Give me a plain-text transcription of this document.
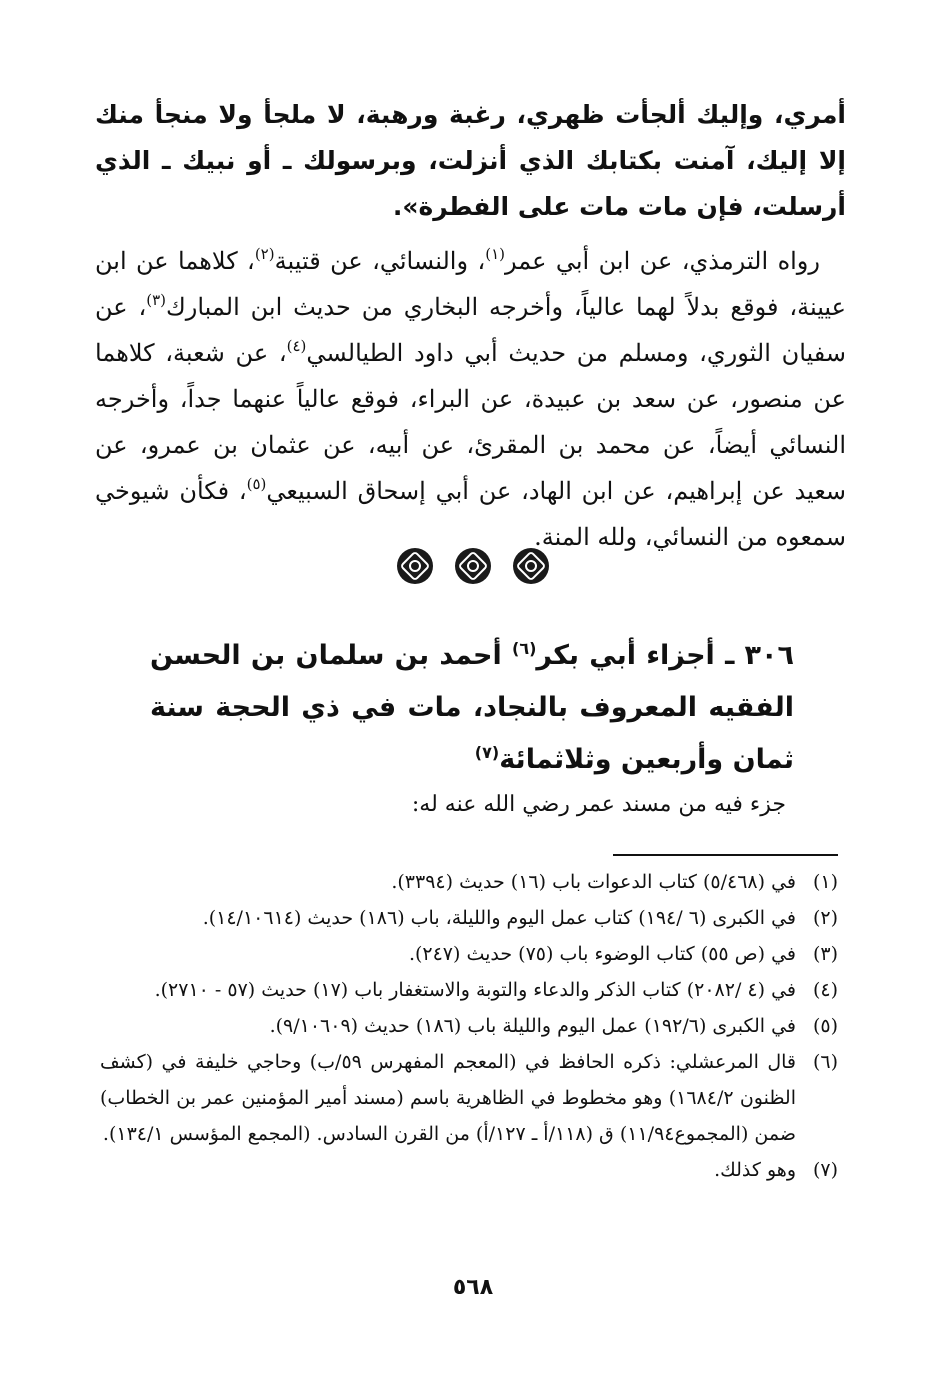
أمري، وإليك ألجأت ظهري، رغبة ورهبة، لا ملجأ ولا منجأ منك إلا إليك، آمنت بكتابك الذي أنزلت، وبرسولك ـ أو نبيك ـ الذي أرسلت، فإن مات مات على الفطرة».

رواه الترمذي، عن ابن أبي عمر$^{(١)}$، والنسائي، عن قتيبة$^{(٢)}$، كلاهما عن ابن عيينة، فوقع بدلاً لهما عالياً، وأخرجه البخاري من حديث ابن المبارك$^{(٣)}$، عن سفيان الثوري، ومسلم من حديث أبي داود الطيالسي$^{(٤)}$، عن شعبة، كلاهما عن منصور، عن سعد بن عبيدة، عن البراء، فوقع عالياً عنهما جداً، وأخرجه النسائي أيضاً، عن محمد بن المقرئ، عن أبيه، عن عثمان بن عمرو، عن سعيد عن إبراهيم، عن ابن الهاد، عن أبي إسحاق السبيعي$^{(٥)}$، فكأن شيوخي سمعوه من النسائي، ولله المنة.

٣٠٦ ـ أجزاء أبي بكر$^{(٦)}$ أحمد بن سلمان بن الحسن الفقيه المعروف بالنجاد، مات في ذي الحجة سنة ثمان وأربعين وثلاثمائة$^{(٧)}$

جزء فيه من مسند عمر رضي الله عنه له:

(١)
في (٥/٤٦٨) كتاب الدعوات باب (١٦) حديث (٣٣٩٤).
(٢)
في الكبرى (٦ /١٩٤) كتاب عمل اليوم والليلة، باب (١٨٦) حديث (١٤/١٠٦١٤).
(٣)
في (ص ٥٥) كتاب الوضوء باب (٧٥) حديث (٢٤٧).
(٤)
في (٤ /٢٠٨٢) كتاب الذكر والدعاء والتوبة والاستغفار باب (١٧) حديث (٥٧ - ٢٧١٠).
(٥)
في الكبرى (١٩٢/٦) عمل اليوم والليلة باب (١٨٦) حديث (٩/١٠٦٠٩).
(٦)
قال المرعشلي: ذكره الحافظ في (المعجم المفهرس ٥٩/ب) وحاجي خليفة في (كشف الظنون ١٦٨٤/٢) وهو مخطوط في الظاهرية باسم (مسند أمير المؤمنين عمر بن الخطاب) ضمن (المجموع١١/٩٤) ق (١١٨/أ ـ ١٢٧/أ) من القرن السادس. (المجمع المؤسس ١٣٤/١).
(٧)
وهو كذلك.

٥٦٨
